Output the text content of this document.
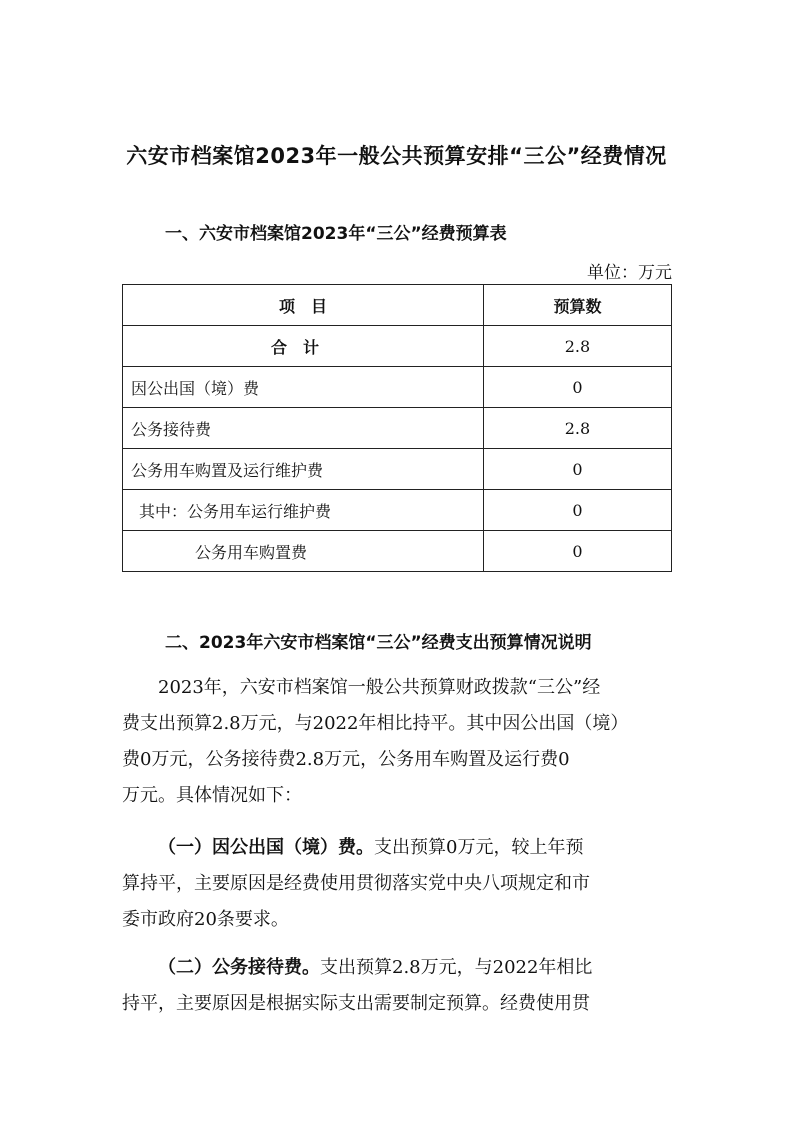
六安市档案馆2023年一般公共预算安排“三公”经费情况
一、六安市档案馆2023年“三公”经费预算表
单位：万元
项　目	预算数
合计	2.8
因公出国（境）费	0
公务接待费	2.8
公务用车购置及运行维护费	0
其中：公务用车运行维护费	0
公务用车购置费	0
二、2023年六安市档案馆“三公”经费支出预算情况说明
2023年，六安市档案馆一般公共预算财政拨款“三公”经
费支出预算2.8万元，与2022年相比持平。其中因公出国（境）
费0万元，公务接待费2.8万元，公务用车购置及运行费0
万元。具体情况如下：
（一）因公出国（境）费。支出预算0万元，较上年预
算持平，主要原因是经费使用贯彻落实党中央八项规定和市
委市政府20条要求。
（二）公务接待费。支出预算2.8万元，与2022年相比
持平，主要原因是根据实际支出需要制定预算。经费使用贯
